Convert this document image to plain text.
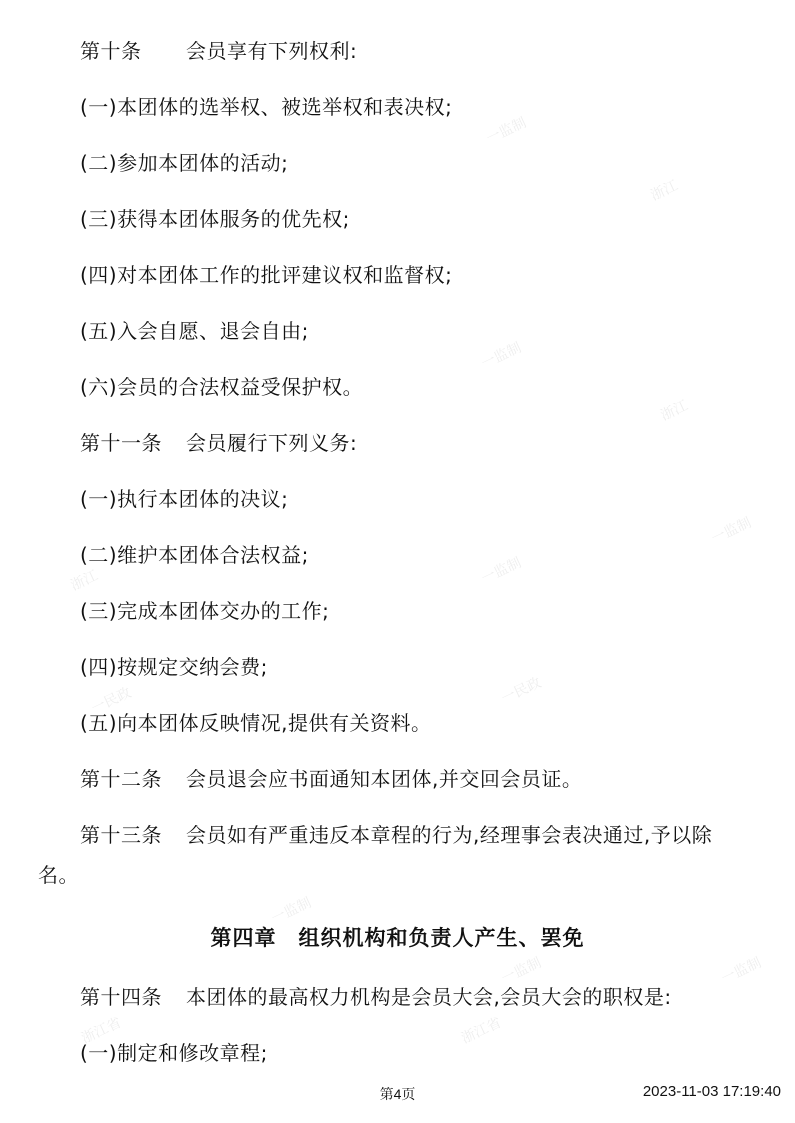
一监制
浙江
浙江
一监制
一监制
浙江	一监制
一民政	一民政
一监制
浙江省
一监制	一监制
浙江省
第十条 会员享有下列权利:
(一)本团体的选举权、被选举权和表决权;
(二)参加本团体的活动;
(三)获得本团体服务的优先权;
(四)对本团体工作的批评建议权和监督权;
(五)入会自愿、退会自由;
(六)会员的合法权益受保护权。
第十一条 会员履行下列义务:
(一)执行本团体的决议;
(二)维护本团体合法权益;
(三)完成本团体交办的工作;
(四)按规定交纳会费;
(五)向本团体反映情况,提供有关资料。
第十二条 会员退会应书面通知本团体,并交回会员证。
第十三条 会员如有严重违反本章程的行为,经理事会表决通过,予以除
名。
第四章 组织机构和负责人产生、罢免
第十四条 本团体的最高权力机构是会员大会,会员大会的职权是:
(一)制定和修改章程;
第4页	2023-11-03 17:19:40
